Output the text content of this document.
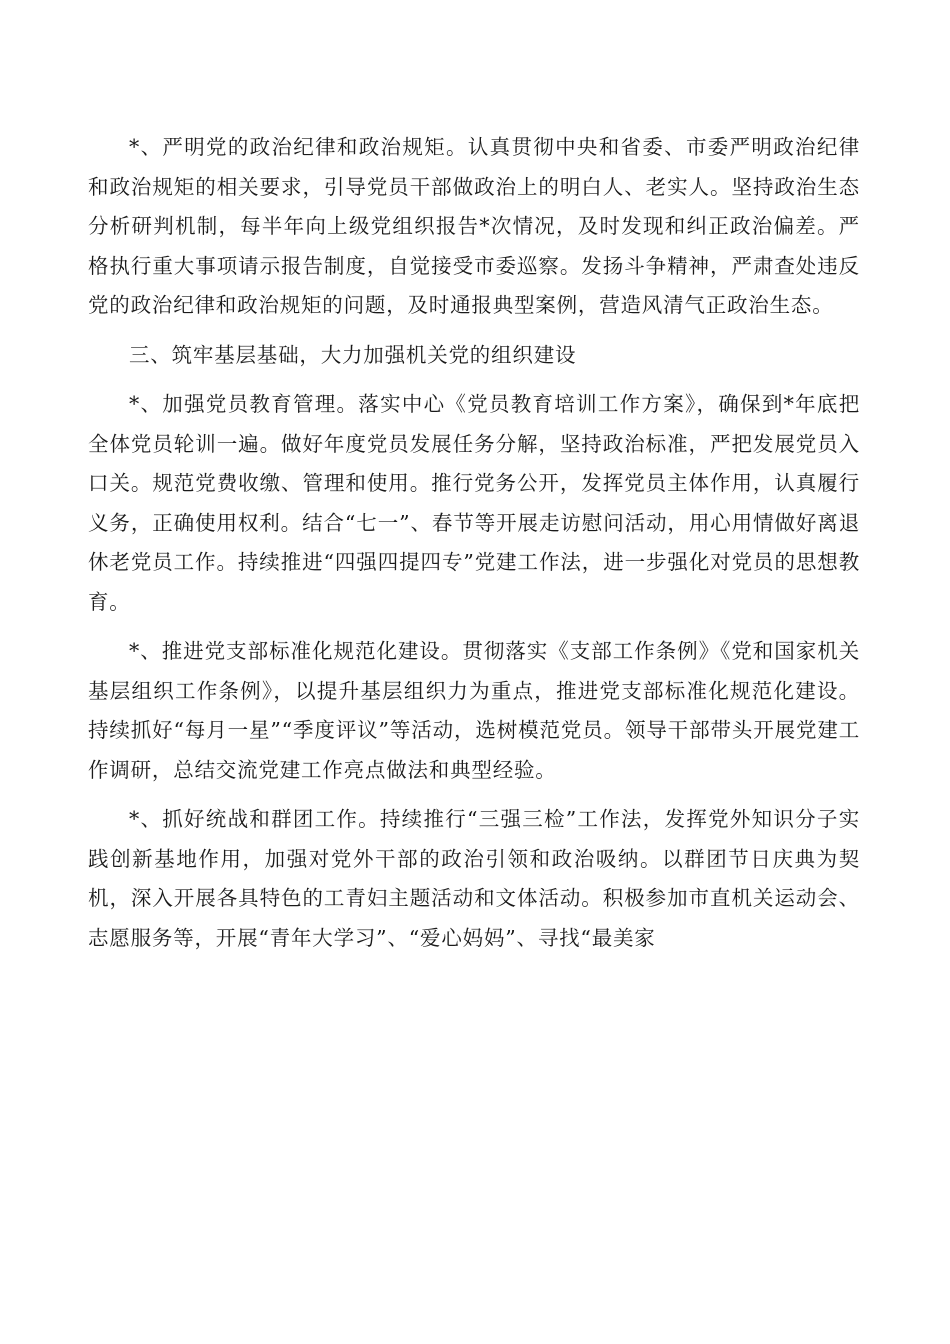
*、严明党的政治纪律和政治规矩。认真贯彻中央和省委、市委严明政治纪律和政治规矩的相关要求，引导党员干部做政治上的明白人、老实人。坚持政治生态分析研判机制，每半年向上级党组织报告*次情况，及时发现和纠正政治偏差。严格执行重大事项请示报告制度，自觉接受市委巡察。发扬斗争精神，严肃查处违反党的政治纪律和政治规矩的问题，及时通报典型案例，营造风清气正政治生态。

三、筑牢基层基础，大力加强机关党的组织建设

*、加强党员教育管理。落实中心《党员教育培训工作方案》，确保到*年底把全体党员轮训一遍。做好年度党员发展任务分解，坚持政治标准，严把发展党员入口关。规范党费收缴、管理和使用。推行党务公开，发挥党员主体作用，认真履行义务，正确使用权利。结合“七一”、春节等开展走访慰问活动，用心用情做好离退休老党员工作。持续推进“四强四提四专”党建工作法，进一步强化对党员的思想教育。

*、推进党支部标准化规范化建设。贯彻落实《支部工作条例》《党和国家机关基层组织工作条例》，以提升基层组织力为重点，推进党支部标准化规范化建设。持续抓好“每月一星”“季度评议”等活动，选树模范党员。领导干部带头开展党建工作调研，总结交流党建工作亮点做法和典型经验。

*、抓好统战和群团工作。持续推行“三强三检”工作法，发挥党外知识分子实践创新基地作用，加强对党外干部的政治引领和政治吸纳。以群团节日庆典为契机，深入开展各具特色的工青妇主题活动和文体活动。积极参加市直机关运动会、志愿服务等，开展“青年大学习”、“爱心妈妈”、寻找“最美家
